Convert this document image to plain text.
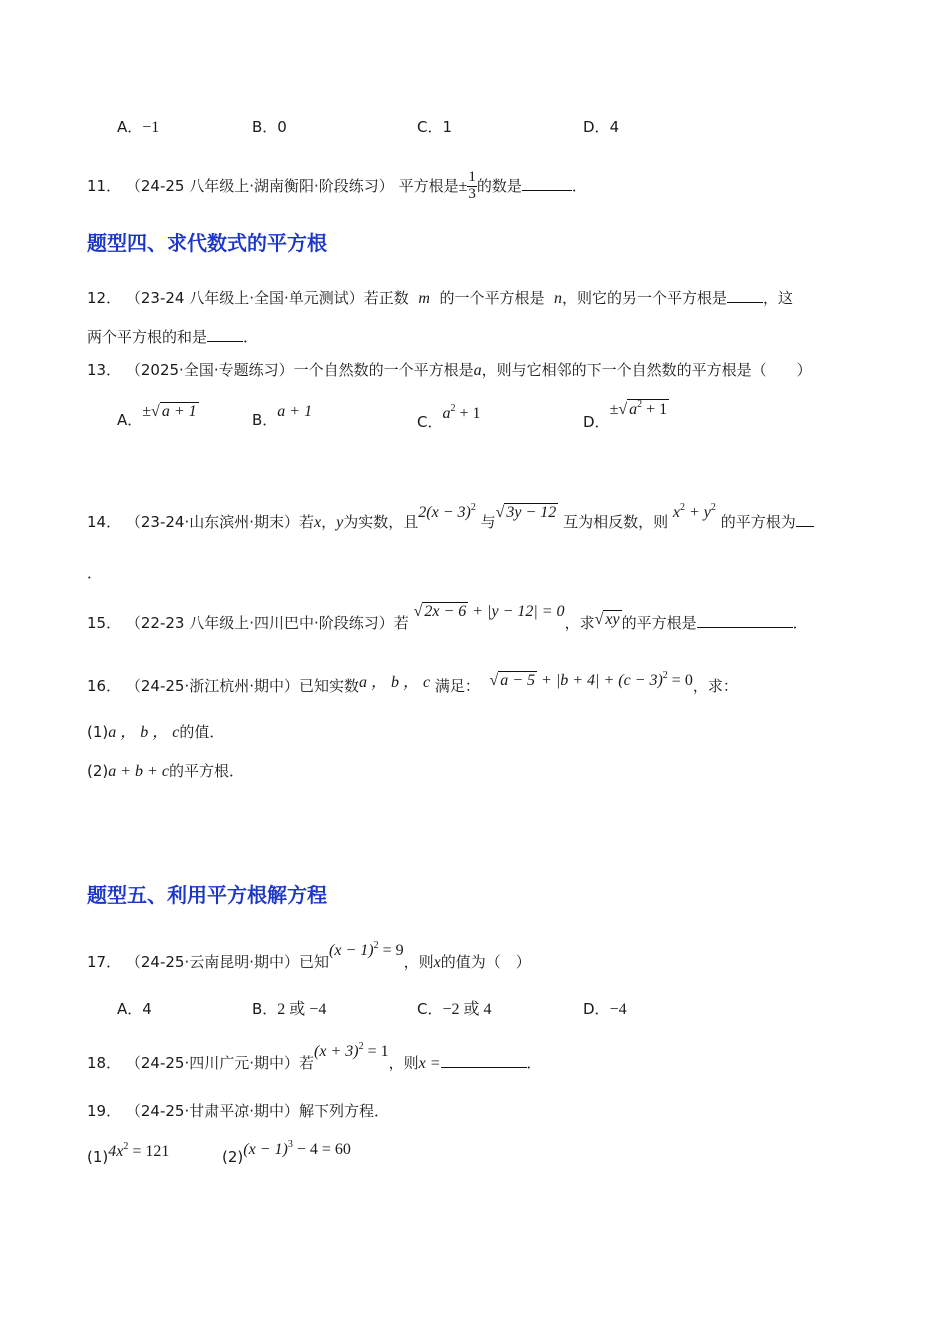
A．−1	B．0	C．1	D．4
11． （24-25 八年级上·湖南衡阳·阶段练习） 平方根是± $\frac{1}{3}$ 的数是	．
题型四、求代数式的平方根
12． （23-24 八年级上·全国·单元测试）若正数 m 的一个平方根是 n，则它的另一个平方根是 ，这
两个平方根的和是 ．
13． （2025·全国·专题练习）一个自然数的一个平方根是a，则与它相邻的下一个自然数的平方根是（　　）
A．±√ a + 1	B．a + 1
C．$a^2 + 1$	D．±√ $a^2 + 1$
14． （23-24·山东滨州·期末）若x，y为实数，且$2(x - 3)^2$ 与√ 3y − 12 互为相反数，则 $x^2 + y^2$ 的平方根为
．
15． （22-23 八年级上·四川巴中·阶段练习）若 √ 2x − 6 + |y − 12| = 0，求√ xy 的平方根是	．
16． （24-25·浙江杭州·期中）已知实数a ， b ， c 满足： √ $a - 5 + |b + 4| + (c - 3)^2 = 0$，求：
(1)a ， b ， c的值．
(2)a + b + c的平方根．
题型五、利用平方根解方程
17． （24-25·云南昆明·期中）已知$(x - 1)^2 = 9$，则x的值为（　）
A．4	B．2 或 −4	C．−2 或 4	D．−4
18． （24-25·四川广元·期中）若$(x + 3)^2 = 1$，则x =	．
19． （24-25·甘肃平凉·期中）解下列方程．
$(1)4x^2 = 121$	$(2)(x - 1)^3 - 4 = 60$
